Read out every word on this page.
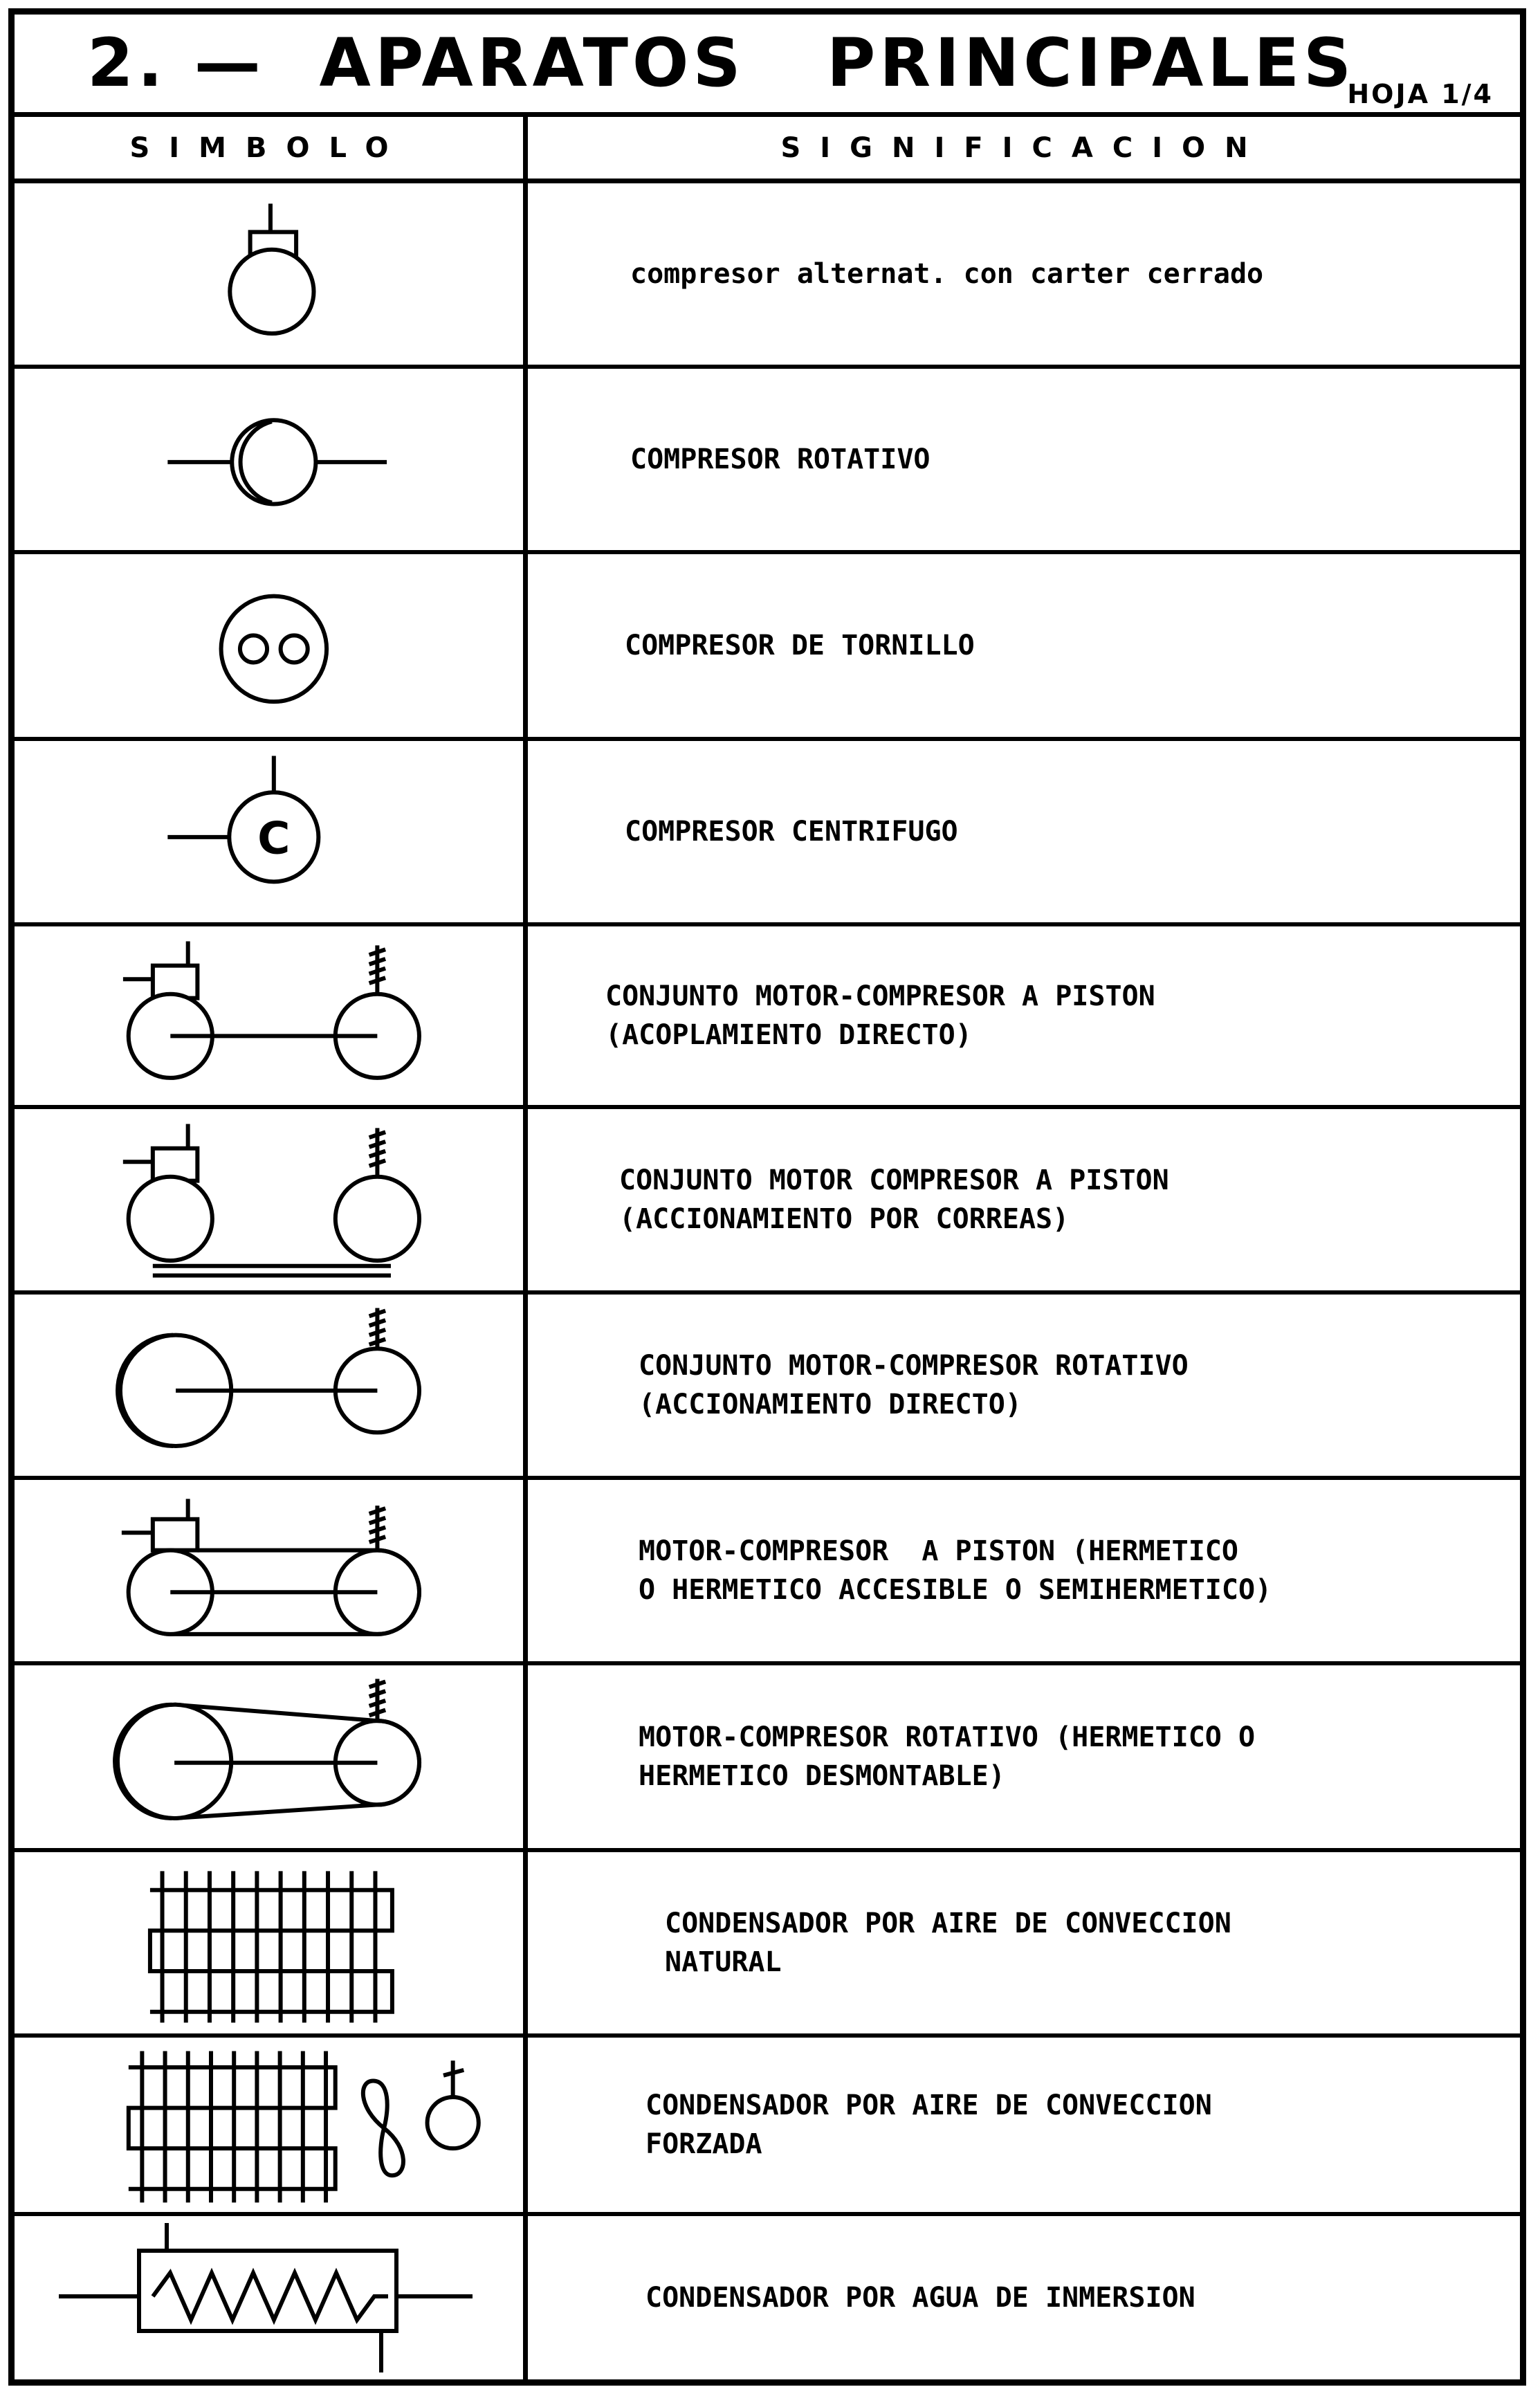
2. —  APARATOS   PRINCIPALES
HOJA 1/4
SIMBOLO	SIGNIFICACION
compresor alternat. con carter cerrado
COMPRESOR ROTATIVO
COMPRESOR DE TORNILLO
C	COMPRESOR CENTRIFUGO
CONJUNTO MOTOR-COMPRESOR A PISTON
(ACOPLAMIENTO DIRECTO)
CONJUNTO MOTOR COMPRESOR A PISTON
(ACCIONAMIENTO POR CORREAS)
CONJUNTO MOTOR-COMPRESOR ROTATIVO
(ACCIONAMIENTO DIRECTO)
MOTOR-COMPRESOR  A PISTON (HERMETICO
O HERMETICO ACCESIBLE O SEMIHERMETICO)
MOTOR-COMPRESOR ROTATIVO (HERMETICO O
HERMETICO DESMONTABLE)
CONDENSADOR POR AIRE DE CONVECCION
NATURAL
CONDENSADOR POR AIRE DE CONVECCION
FORZADA
CONDENSADOR POR AGUA DE INMERSION
